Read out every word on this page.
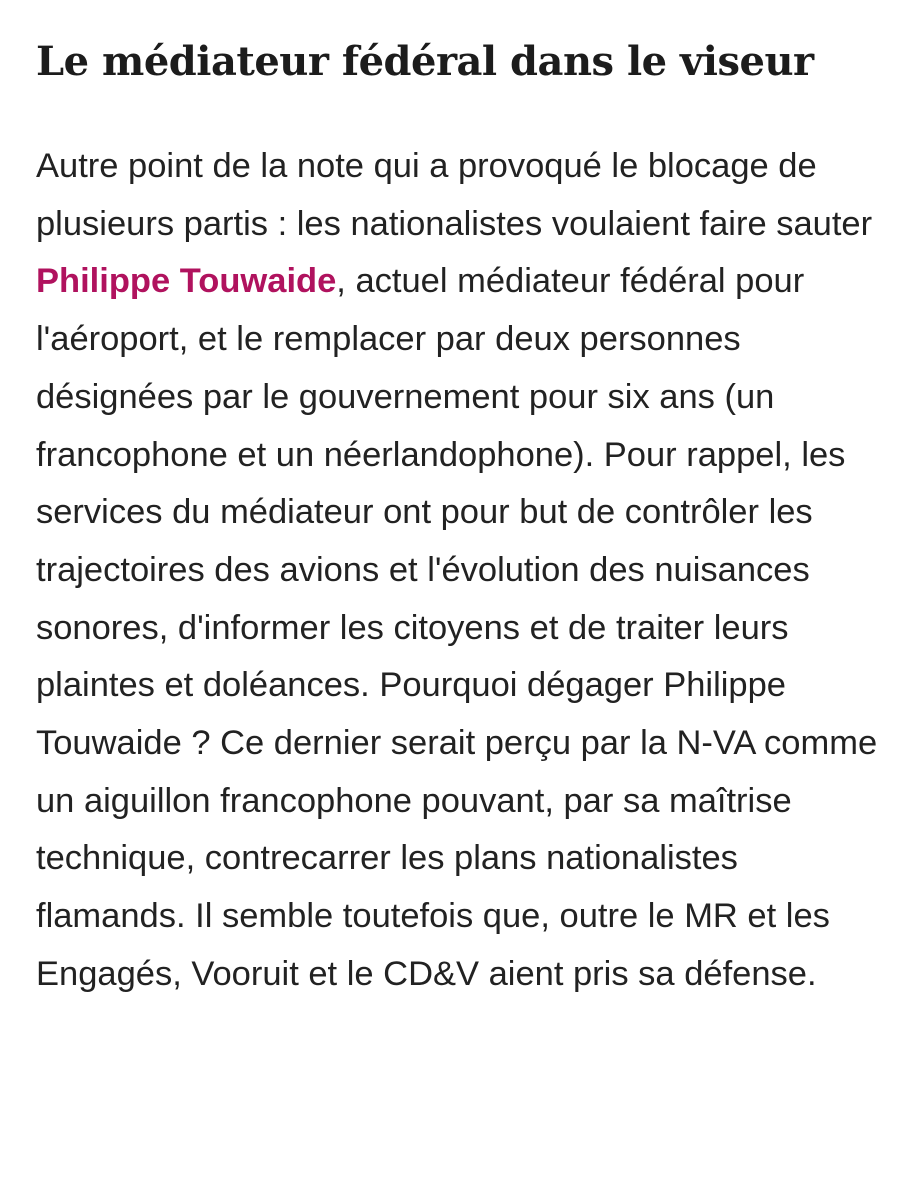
Le médiateur fédéral dans le viseur

Autre point de la note qui a provoqué le blocage de plusieurs partis : les nationalistes voulaient faire sauter Philippe Touwaide, actuel médiateur fédéral pour l'aéroport, et le remplacer par deux personnes désignées par le gouvernement pour six ans (un francophone et un néerlandophone). Pour rappel, les services du médiateur ont pour but de contrôler les trajectoires des avions et l'évolution des nuisances sonores, d'informer les citoyens et de traiter leurs plaintes et doléances. Pourquoi dégager Philippe Touwaide ? Ce dernier serait perçu par la N-VA comme un aiguillon francophone pouvant, par sa maîtrise technique, contrecarrer les plans nationalistes flamands. Il semble toutefois que, outre le MR et les Engagés, Vooruit et le CD&V aient pris sa défense.
